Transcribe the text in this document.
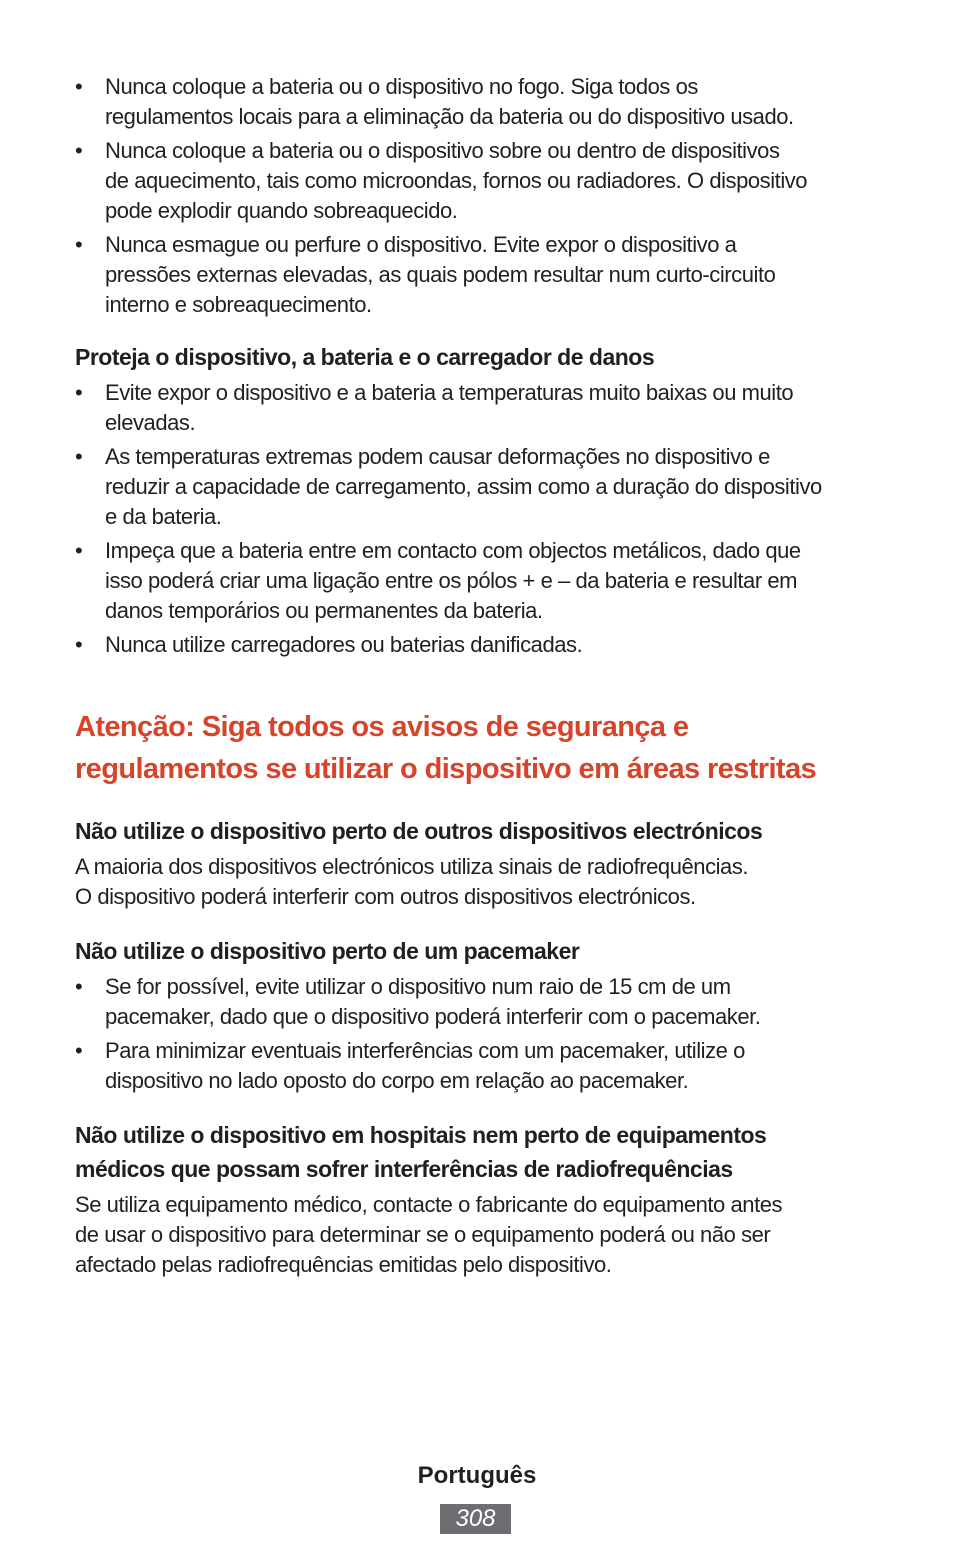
• Nunca coloque a bateria ou o dispositivo no fogo. Siga todos os
regulamentos locais para a eliminação da bateria ou do dispositivo usado.
• Nunca coloque a bateria ou o dispositivo sobre ou dentro de dispositivos
de aquecimento, tais como microondas, fornos ou radiadores. O dispositivo
pode explodir quando sobreaquecido.
• Nunca esmague ou perfure o dispositivo. Evite expor o dispositivo a
pressões externas elevadas, as quais podem resultar num curto-circuito
interno e sobreaquecimento.
Proteja o dispositivo, a bateria e o carregador de danos
• Evite expor o dispositivo e a bateria a temperaturas muito baixas ou muito
elevadas.
• As temperaturas extremas podem causar deformações no dispositivo e
reduzir a capacidade de carregamento, assim como a duração do dispositivo
e da bateria.
• Impeça que a bateria entre em contacto com objectos metálicos, dado que
isso poderá criar uma ligação entre os pólos + e – da bateria e resultar em
danos temporários ou permanentes da bateria.
• Nunca utilize carregadores ou baterias danificadas.
Atenção: Siga todos os avisos de segurança e
regulamentos se utilizar o dispositivo em áreas restritas
Não utilize o dispositivo perto de outros dispositivos electrónicos

A maioria dos dispositivos electrónicos utiliza sinais de radiofrequências.
O dispositivo poderá interferir com outros dispositivos electrónicos.

Não utilize o dispositivo perto de um pacemaker
• Se for possível, evite utilizar o dispositivo num raio de 15 cm de um
pacemaker, dado que o dispositivo poderá interferir com o pacemaker.
• Para minimizar eventuais interferências com um pacemaker, utilize o
dispositivo no lado oposto do corpo em relação ao pacemaker.
Não utilize o dispositivo em hospitais nem perto de equipamentos
médicos que possam sofrer interferências de radiofrequências

Se utiliza equipamento médico, contacte o fabricante do equipamento antes
de usar o dispositivo para determinar se o equipamento poderá ou não ser
afectado pelas radiofrequências emitidas pelo dispositivo.

Português
308
